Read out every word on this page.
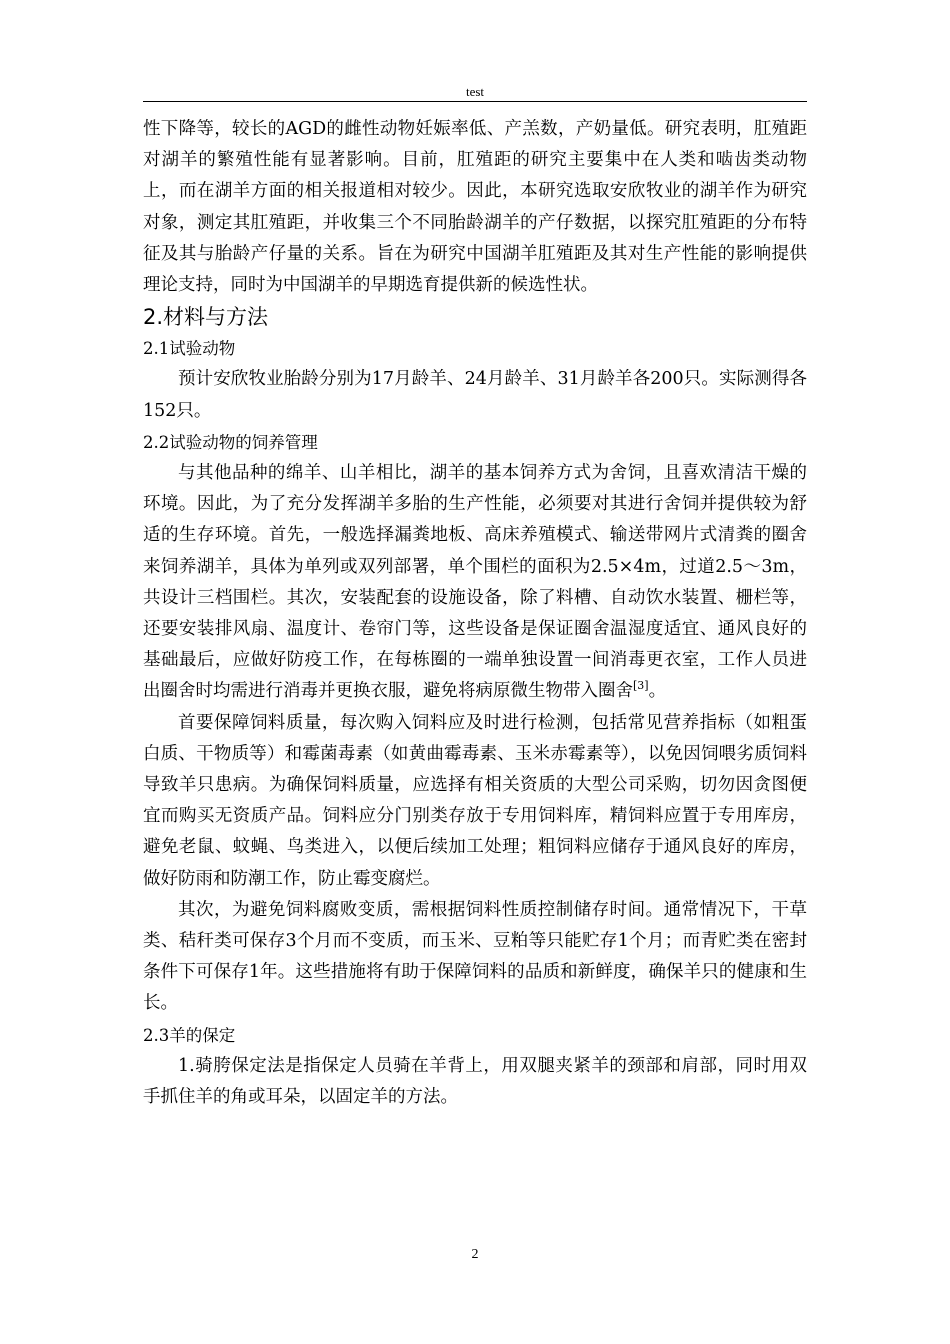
test

性下降等，较长的AGD的雌性动物妊娠率低、产羔数，产奶量低。研究表明，肛殖距对湖羊的繁殖性能有显著影响。目前，肛殖距的研究主要集中在人类和啮齿类动物上，而在湖羊方面的相关报道相对较少。因此，本研究选取安欣牧业的湖羊作为研究对象，测定其肛殖距，并收集三个不同胎龄湖羊的产仔数据，以探究肛殖距的分布特征及其与胎龄产仔量的关系。旨在为研究中国湖羊肛殖距及其对生产性能的影响提供理论支持，同时为中国湖羊的早期选育提供新的候选性状。

2.材料与方法
2.1试验动物

预计安欣牧业胎龄分别为17月龄羊、24月龄羊、31月龄羊各200只。实际测得各152只。

2.2试验动物的饲养管理

与其他品种的绵羊、山羊相比，湖羊的基本饲养方式为舍饲，且喜欢清洁干燥的环境。因此，为了充分发挥湖羊多胎的生产性能，必须要对其进行舍饲并提供较为舒适的生存环境。首先，一般选择漏粪地板、高床养殖模式、输送带网片式清粪的圈舍来饲养湖羊，具体为单列或双列部署，单个围栏的面积为2.5×4m，过道2.5～3m，共设计三档围栏。其次，安装配套的设施设备，除了料槽、自动饮水装置、栅栏等，还要安装排风扇、温度计、卷帘门等，这些设备是保证圈舍温湿度适宜、通风良好的基础最后，应做好防疫工作，在每栋圈的一端单独设置一间消毒更衣室，工作人员进出圈舍时均需进行消毒并更换衣服，避免将病原微生物带入圈舍[3]。

首要保障饲料质量，每次购入饲料应及时进行检测，包括常见营养指标（如粗蛋白质、干物质等）和霉菌毒素（如黄曲霉毒素、玉米赤霉素等），以免因饲喂劣质饲料导致羊只患病。为确保饲料质量，应选择有相关资质的大型公司采购，切勿因贪图便宜而购买无资质产品。饲料应分门别类存放于专用饲料库，精饲料应置于专用库房，避免老鼠、蚊蝇、鸟类进入，以便后续加工处理；粗饲料应储存于通风良好的库房，做好防雨和防潮工作，防止霉变腐烂。

其次，为避免饲料腐败变质，需根据饲料性质控制储存时间。通常情况下，干草类、秸秆类可保存3个月而不变质，而玉米、豆粕等只能贮存1个月；而青贮类在密封条件下可保存1年。这些措施将有助于保障饲料的品质和新鲜度，确保羊只的健康和生长。

2.3羊的保定

1.骑胯保定法是指保定人员骑在羊背上，用双腿夹紧羊的颈部和肩部，同时用双手抓住羊的角或耳朵，以固定羊的方法。

2
